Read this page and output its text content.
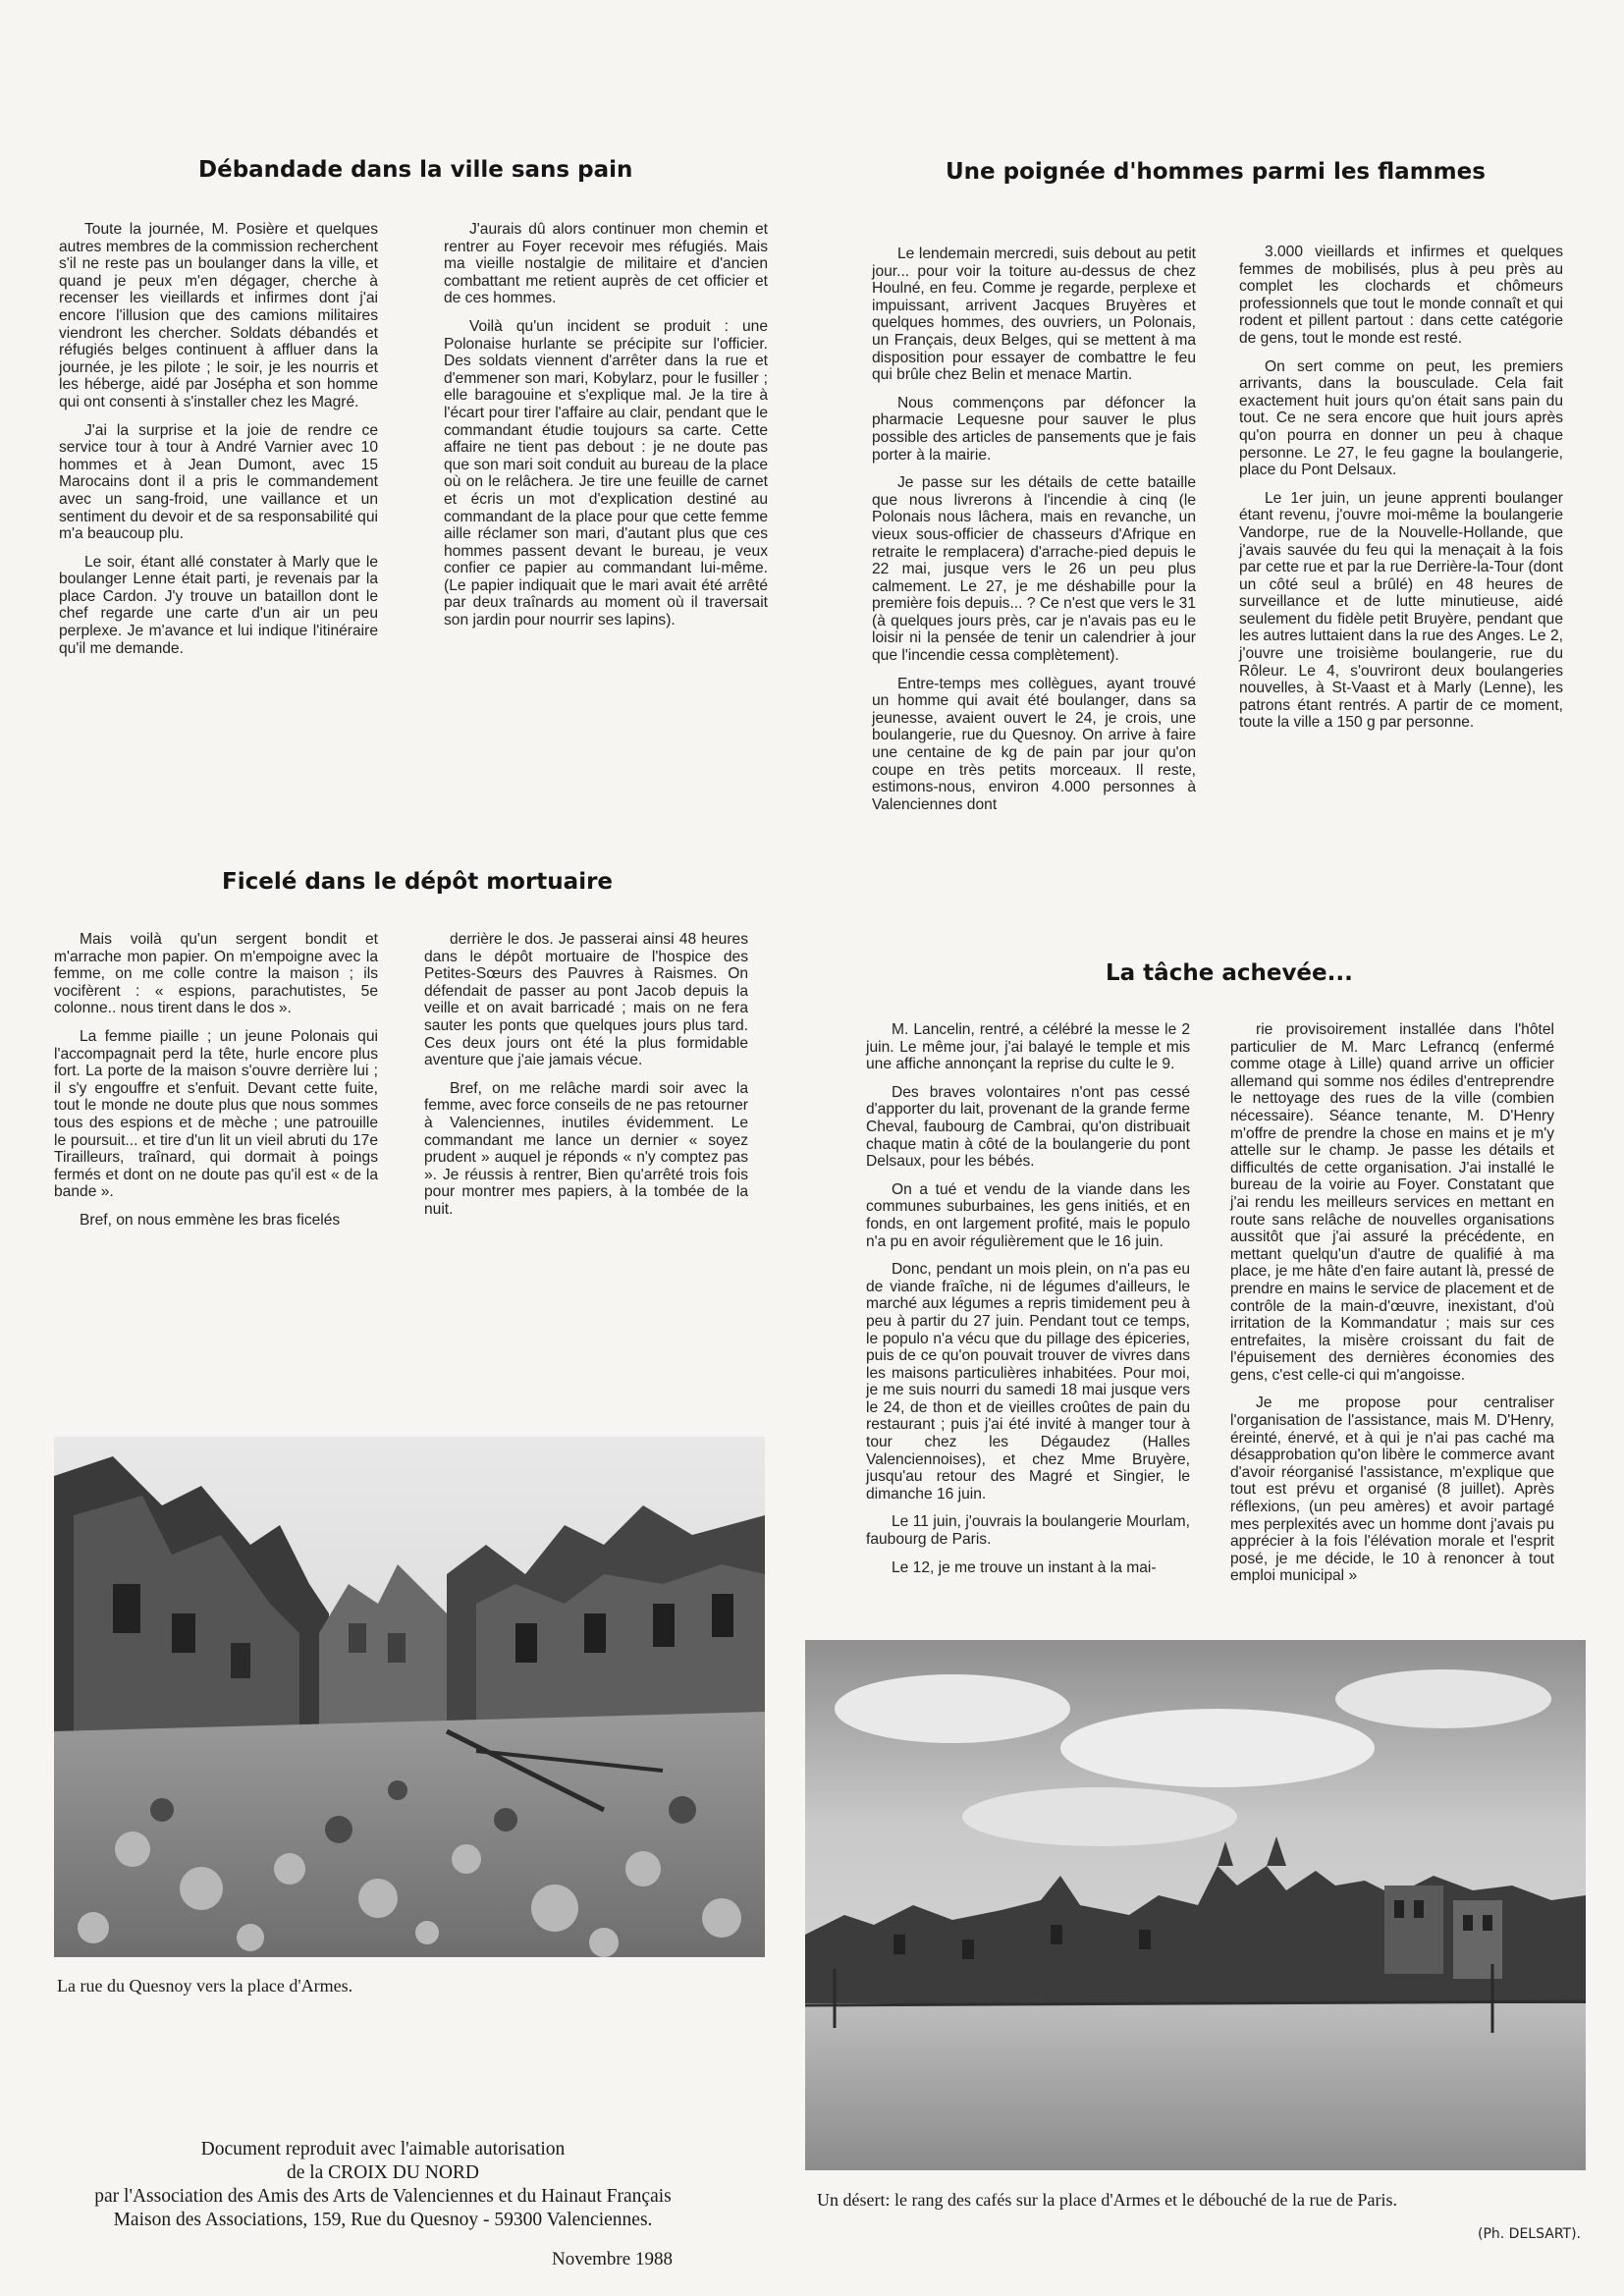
Débandade dans la ville sans pain	Une poignée d'hommes parmi les flammes
Ficelé dans le dépôt mortuaire
La tâche achevée...

Toute la journée, M. Posière et quelques autres membres de la commission recherchent s'il ne reste pas un boulanger dans la ville, et quand je peux m'en dégager, cherche à recenser les vieillards et infirmes dont j'ai encore l'illusion que des camions militaires viendront les chercher. Soldats débandés et réfugiés belges continuent à affluer dans la journée, je les pilote ; le soir, je les nourris et les héberge, aidé par Josépha et son homme qui ont consenti à s'installer chez les Magré.

J'ai la surprise et la joie de rendre ce service tour à tour à André Varnier avec 10 hommes et à Jean Dumont, avec 15 Marocains dont il a pris le commandement avec un sang-froid, une vaillance et un sentiment du devoir et de sa responsabilité qui m'a beaucoup plu.

Le soir, étant allé constater à Marly que le boulanger Lenne était parti, je revenais par la place Cardon. J'y trouve un bataillon dont le chef regarde une carte d'un air un peu perplexe. Je m'avance et lui indique l'itinéraire qu'il me demande.

J'aurais dû alors continuer mon chemin et rentrer au Foyer recevoir mes réfugiés. Mais ma vieille nostalgie de militaire et d'ancien combattant me retient auprès de cet officier et de ces hommes.

Voilà qu'un incident se produit : une Polonaise hurlante se précipite sur l'officier. Des soldats viennent d'arrêter dans la rue et d'emmener son mari, Kobylarz, pour le fusiller ; elle baragouine et s'explique mal. Je la tire à l'écart pour tirer l'affaire au clair, pendant que le commandant étudie toujours sa carte. Cette affaire ne tient pas debout : je ne doute pas que son mari soit conduit au bureau de la place où on le relâchera. Je tire une feuille de carnet et écris un mot d'explication destiné au commandant de la place pour que cette femme aille réclamer son mari, d'autant plus que ces hommes passent devant le bureau, je veux confier ce papier au commandant lui-même. (Le papier indiquait que le mari avait été arrêté par deux traînards au moment où il traversait son jardin pour nourrir ses lapins).

Le lendemain mercredi, suis debout au petit jour... pour voir la toiture au-dessus de chez Houlné, en feu. Comme je regarde, perplexe et impuissant, arrivent Jacques Bruyères et quelques hommes, des ouvriers, un Polonais, un Français, deux Belges, qui se mettent à ma disposition pour essayer de combattre le feu qui brûle chez Belin et menace Martin.

Nous commençons par défoncer la pharmacie Lequesne pour sauver le plus possible des articles de pansements que je fais porter à la mairie.

Je passe sur les détails de cette bataille que nous livrerons à l'incendie à cinq (le Polonais nous lâchera, mais en revanche, un vieux sous-officier de chasseurs d'Afrique en retraite le remplacera) d'arrache-pied depuis le 22 mai, jusque vers le 26 un peu plus calmement. Le 27, je me déshabille pour la première fois depuis... ? Ce n'est que vers le 31 (à quelques jours près, car je n'avais pas eu le loisir ni la pensée de tenir un calendrier à jour que l'incendie cessa complètement).

Entre-temps mes collègues, ayant trouvé un homme qui avait été boulanger, dans sa jeunesse, avaient ouvert le 24, je crois, une boulangerie, rue du Quesnoy. On arrive à faire une centaine de kg de pain par jour qu'on coupe en très petits morceaux. Il reste, estimons-nous, environ 4.000 personnes à Valenciennes dont

3.000 vieillards et infirmes et quelques femmes de mobilisés, plus à peu près au complet les clochards et chômeurs professionnels que tout le monde connaît et qui rodent et pillent partout : dans cette catégorie de gens, tout le monde est resté.

On sert comme on peut, les premiers arrivants, dans la bousculade. Cela fait exactement huit jours qu'on était sans pain du tout. Ce ne sera encore que huit jours après qu'on pourra en donner un peu à chaque personne. Le 27, le feu gagne la boulangerie, place du Pont Delsaux.

Le 1er juin, un jeune apprenti boulanger étant revenu, j'ouvre moi-même la boulangerie Vandorpe, rue de la Nouvelle-Hollande, que j'avais sauvée du feu qui la menaçait à la fois par cette rue et par la rue Derrière-la-Tour (dont un côté seul a brûlé) en 48 heures de surveillance et de lutte minutieuse, aidé seulement du fidèle petit Bruyère, pendant que les autres luttaient dans la rue des Anges. Le 2, j'ouvre une troisième boulangerie, rue du Rôleur. Le 4, s'ouvriront deux boulangeries nouvelles, à St-Vaast et à Marly (Lenne), les patrons étant rentrés. A partir de ce moment, toute la ville a 150 g par personne.

Mais voilà qu'un sergent bondit et m'arrache mon papier. On m'empoigne avec la femme, on me colle contre la maison ; ils vocifèrent : « espions, parachutistes, 5e colonne.. nous tirent dans le dos ».

La femme piaille ; un jeune Polonais qui l'accompagnait perd la tête, hurle encore plus fort. La porte de la maison s'ouvre derrière lui ; il s'y engouffre et s'enfuit. Devant cette fuite, tout le monde ne doute plus que nous sommes tous des espions et de mèche ; une patrouille le poursuit... et tire d'un lit un vieil abruti du 17e Tirailleurs, traînard, qui dormait à poings fermés et dont on ne doute pas qu'il est « de la bande ».

Bref, on nous emmène les bras ficelés

derrière le dos. Je passerai ainsi 48 heures dans le dépôt mortuaire de l'hospice des Petites-Sœurs des Pauvres à Raismes. On défendait de passer au pont Jacob depuis la veille et on avait barricadé ; mais on ne fera sauter les ponts que quelques jours plus tard. Ces deux jours ont été la plus formidable aventure que j'aie jamais vécue.

Bref, on me relâche mardi soir avec la femme, avec force conseils de ne pas retourner à Valenciennes, inutiles évidemment. Le commandant me lance un dernier « soyez prudent » auquel je réponds « n'y comptez pas ». Je réussis à rentrer, Bien qu'arrêté trois fois pour montrer mes papiers, à la tombée de la nuit.

M. Lancelin, rentré, a célébré la messe le 2 juin. Le même jour, j'ai balayé le temple et mis une affiche annonçant la reprise du culte le 9.

Des braves volontaires n'ont pas cessé d'apporter du lait, provenant de la grande ferme Cheval, faubourg de Cambrai, qu'on distribuait chaque matin à côté de la boulangerie du pont Delsaux, pour les bébés.

On a tué et vendu de la viande dans les communes suburbaines, les gens initiés, et en fonds, en ont largement profité, mais le populo n'a pu en avoir régulièrement que le 16 juin.

Donc, pendant un mois plein, on n'a pas eu de viande fraîche, ni de légumes d'ailleurs, le marché aux légumes a repris timidement peu à peu à partir du 27 juin. Pendant tout ce temps, le populo n'a vécu que du pillage des épiceries, puis de ce qu'on pouvait trouver de vivres dans les maisons particulières inhabitées. Pour moi, je me suis nourri du samedi 18 mai jusque vers le 24, de thon et de vieilles croûtes de pain du restaurant ; puis j'ai été invité à manger tour à tour chez les Dégaudez (Halles Valenciennoises), et chez Mme Bruyère, jusqu'au retour des Magré et Singier, le dimanche 16 juin.

Le 11 juin, j'ouvrais la boulangerie Mourlam, faubourg de Paris.

Le 12, je me trouve un instant à la mai-

rie provisoirement installée dans l'hôtel particulier de M. Marc Lefrancq (enfermé comme otage à Lille) quand arrive un officier allemand qui somme nos édiles d'entreprendre le nettoyage des rues de la ville (combien nécessaire). Séance tenante, M. D'Henry m'offre de prendre la chose en mains et je m'y attelle sur le champ. Je passe les détails et difficultés de cette organisation. J'ai installé le bureau de la voirie au Foyer. Constatant que j'ai rendu les meilleurs services en mettant en route sans relâche de nouvelles organisations aussitôt que j'ai assuré la précédente, en mettant quelqu'un d'autre de qualifié à ma place, je me hâte d'en faire autant là, pressé de prendre en mains le service de placement et de contrôle de la main-d'œuvre, inexistant, d'où irritation de la Kommandatur ; mais sur ces entrefaites, la misère croissant du fait de l'épuisement des dernières économies des gens, c'est celle-ci qui m'angoisse.

Je me propose pour centraliser l'organisation de l'assistance, mais M. D'Henry, éreinté, énervé, et à qui je n'ai pas caché ma désapprobation qu'on libère le commerce avant d'avoir réorganisé l'assistance, m'explique que tout est prévu et organisé (8 juillet). Après réflexions, (un peu amères) et avoir partagé mes perplexités avec un homme dont j'avais pu apprécier à la fois l'élévation morale et l'esprit posé, je me décide, le 10 à renoncer à tout emploi municipal »

La rue du Quesnoy vers la place d'Armes.
Un désert: le rang des cafés sur la place d'Armes et le débouché de la rue de Paris.
(Ph. DELSART).
Document reproduit avec l'aimable autorisation
de la CROIX DU NORD
par l'Association des Amis des Arts de Valenciennes et du Hainaut Français
Maison des Associations, 159, Rue du Quesnoy - 59300 Valenciennes.
Novembre 1988
